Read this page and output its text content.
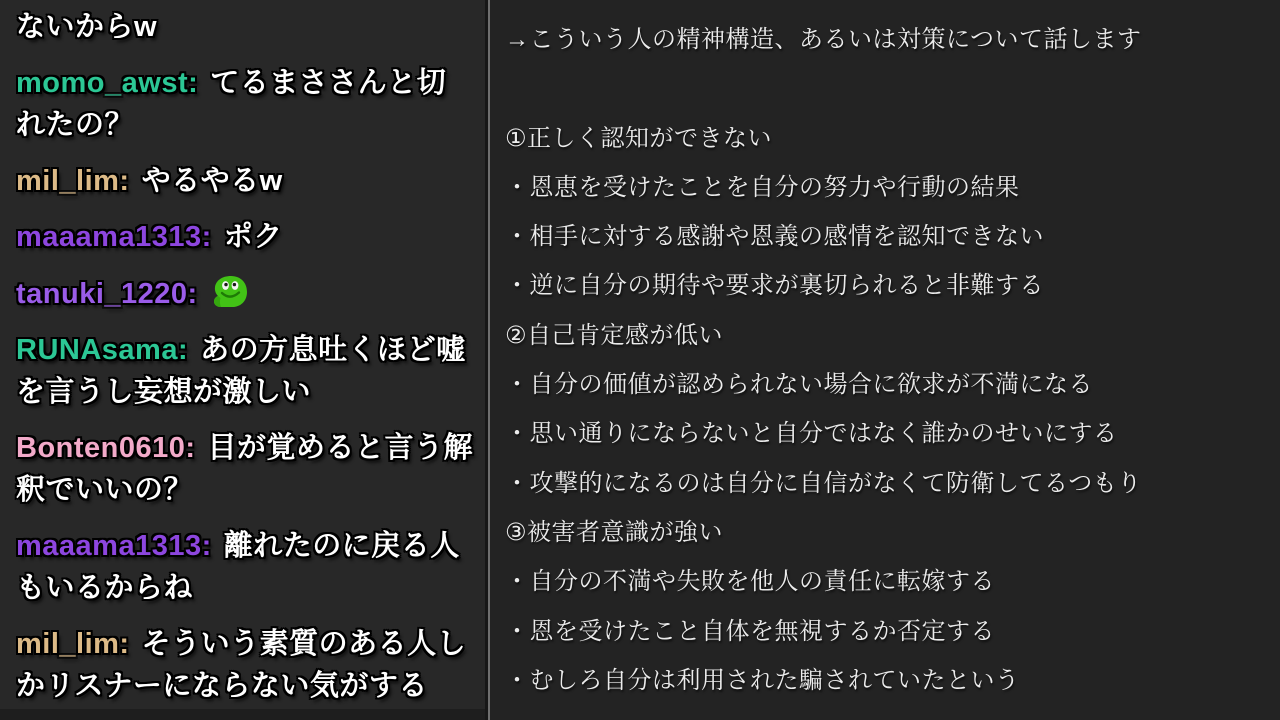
ないからw
momo_awst: てるまささんと切れたの？
mil_lim: やるやるw
maaama1313: ポク
tanuki_1220:
RUNAsama: あの方息吐くほど嘘を言うし妄想が激しい
Bonten0610: 目が覚めると言う解釈でいいの？
maaama1313: 離れたのに戻る人もいるからね
mil_lim: そういう素質のある人しかリスナーにならない気がする
→こういう人の精神構造、あるいは対策について話します
①正しく認知ができない
・恩恵を受けたことを自分の努力や行動の結果
・相手に対する感謝や恩義の感情を認知できない
・逆に自分の期待や要求が裏切られると非難する
②自己肯定感が低い
・自分の価値が認められない場合に欲求が不満になる
・思い通りにならないと自分ではなく誰かのせいにする
・攻撃的になるのは自分に自信がなくて防衛してるつもり
③被害者意識が強い
・自分の不満や失敗を他人の責任に転嫁する
・恩を受けたこと自体を無視するか否定する
・むしろ自分は利用された騙されていたという
